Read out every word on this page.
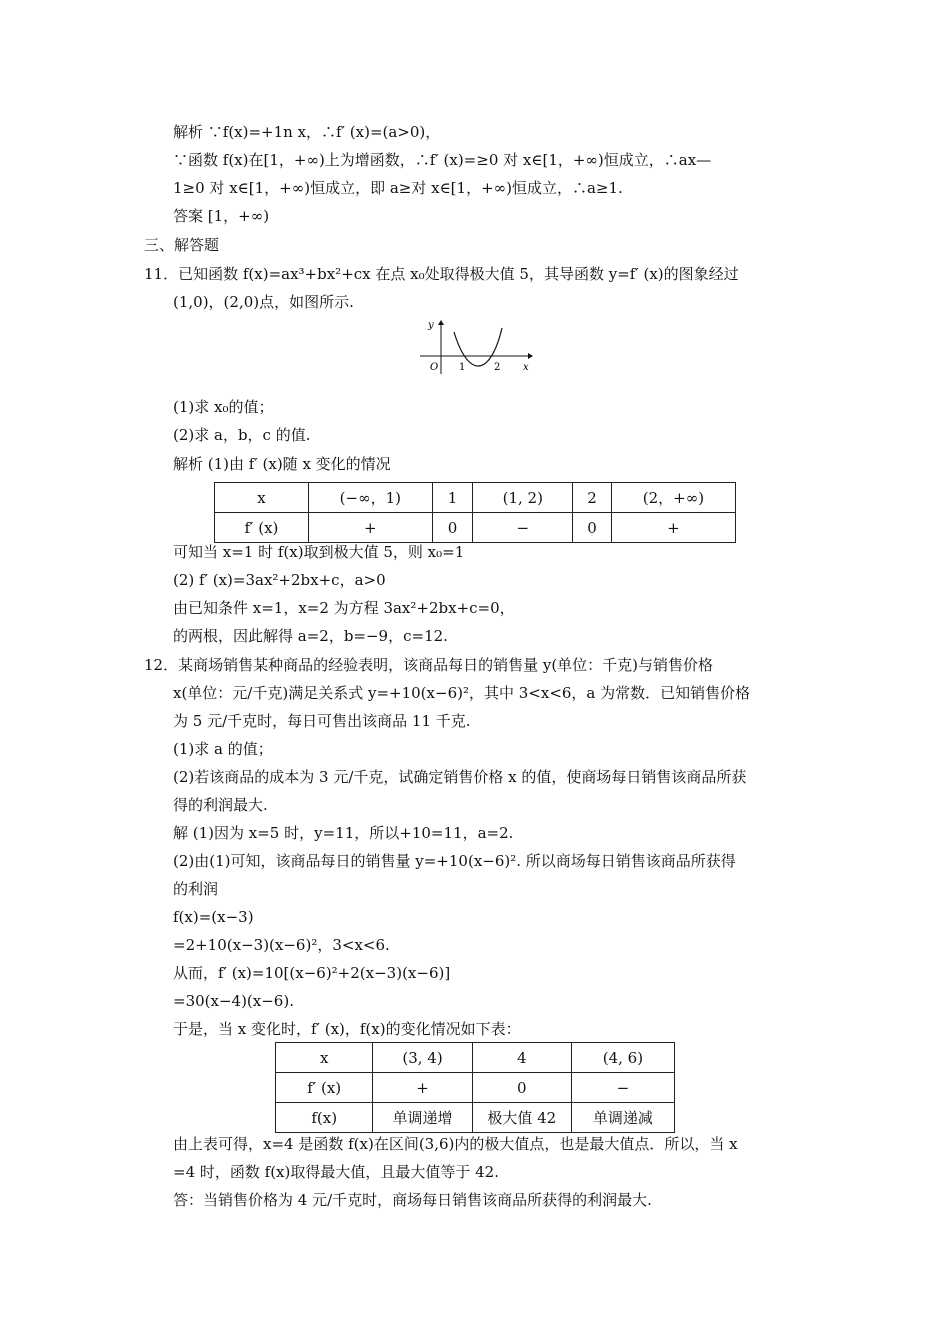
解析 ∵f(x)=+1n x，∴f′ (x)=(a>0)，
∵函数 f(x)在[1，+∞)上为增函数，∴f′ (x)=≥0 对 x∈[1，+∞)恒成立，∴ax—
1≥0 对 x∈[1，+∞)恒成立，即 a≥对 x∈[1，+∞)恒成立，∴a≥1.
答案 [1，+∞)
三、解答题
11．已知函数 f(x)=ax³+bx²+cx 在点 x₀处取得极大值 5，其导函数 y=f′ (x)的图象经过
(1,0)，(2,0)点，如图所示.
y
x
O 1	2
(1)求 x₀的值；
(2)求 a，b，c 的值.
解析 (1)由 f′ (x)随 x 变化的情况
x	(−∞，1)	1	(1, 2)	2	(2，+∞)
f′ (x)	+	0	−	0	+
可知当 x=1 时 f(x)取到极大值 5，则 x₀=1
(2) f′ (x)=3ax²+2bx+c，a>0
由已知条件 x=1，x=2 为方程 3ax²+2bx+c=0，
的两根，因此解得 a=2，b=−9，c=12.
12．某商场销售某种商品的经验表明，该商品每日的销售量 y(单位：千克)与销售价格
x(单位：元/千克)满足关系式 y=+10(x−6)²，其中 3<x<6，a 为常数．已知销售价格
为 5 元/千克时，每日可售出该商品 11 千克.
(1)求 a 的值；
(2)若该商品的成本为 3 元/千克，试确定销售价格 x 的值，使商场每日销售该商品所获
得的利润最大.
解 (1)因为 x=5 时，y=11，所以+10=11，a=2.
(2)由(1)可知，该商品每日的销售量 y=+10(x−6)². 所以商场每日销售该商品所获得
的利润
f(x)=(x−3)
=2+10(x−3)(x−6)²，3<x<6.
从而，f′ (x)=10[(x−6)²+2(x−3)(x−6)]
=30(x−4)(x−6).
于是，当 x 变化时，f′ (x)，f(x)的变化情况如下表：
x	(3, 4)	4	(4, 6)
f′ (x)	+	0	−
f(x)	单调递增	极大值 42	单调递减
由上表可得，x=4 是函数 f(x)在区间(3,6)内的极大值点，也是最大值点．所以，当 x
=4 时，函数 f(x)取得最大值，且最大值等于 42.
答：当销售价格为 4 元/千克时，商场每日销售该商品所获得的利润最大.
